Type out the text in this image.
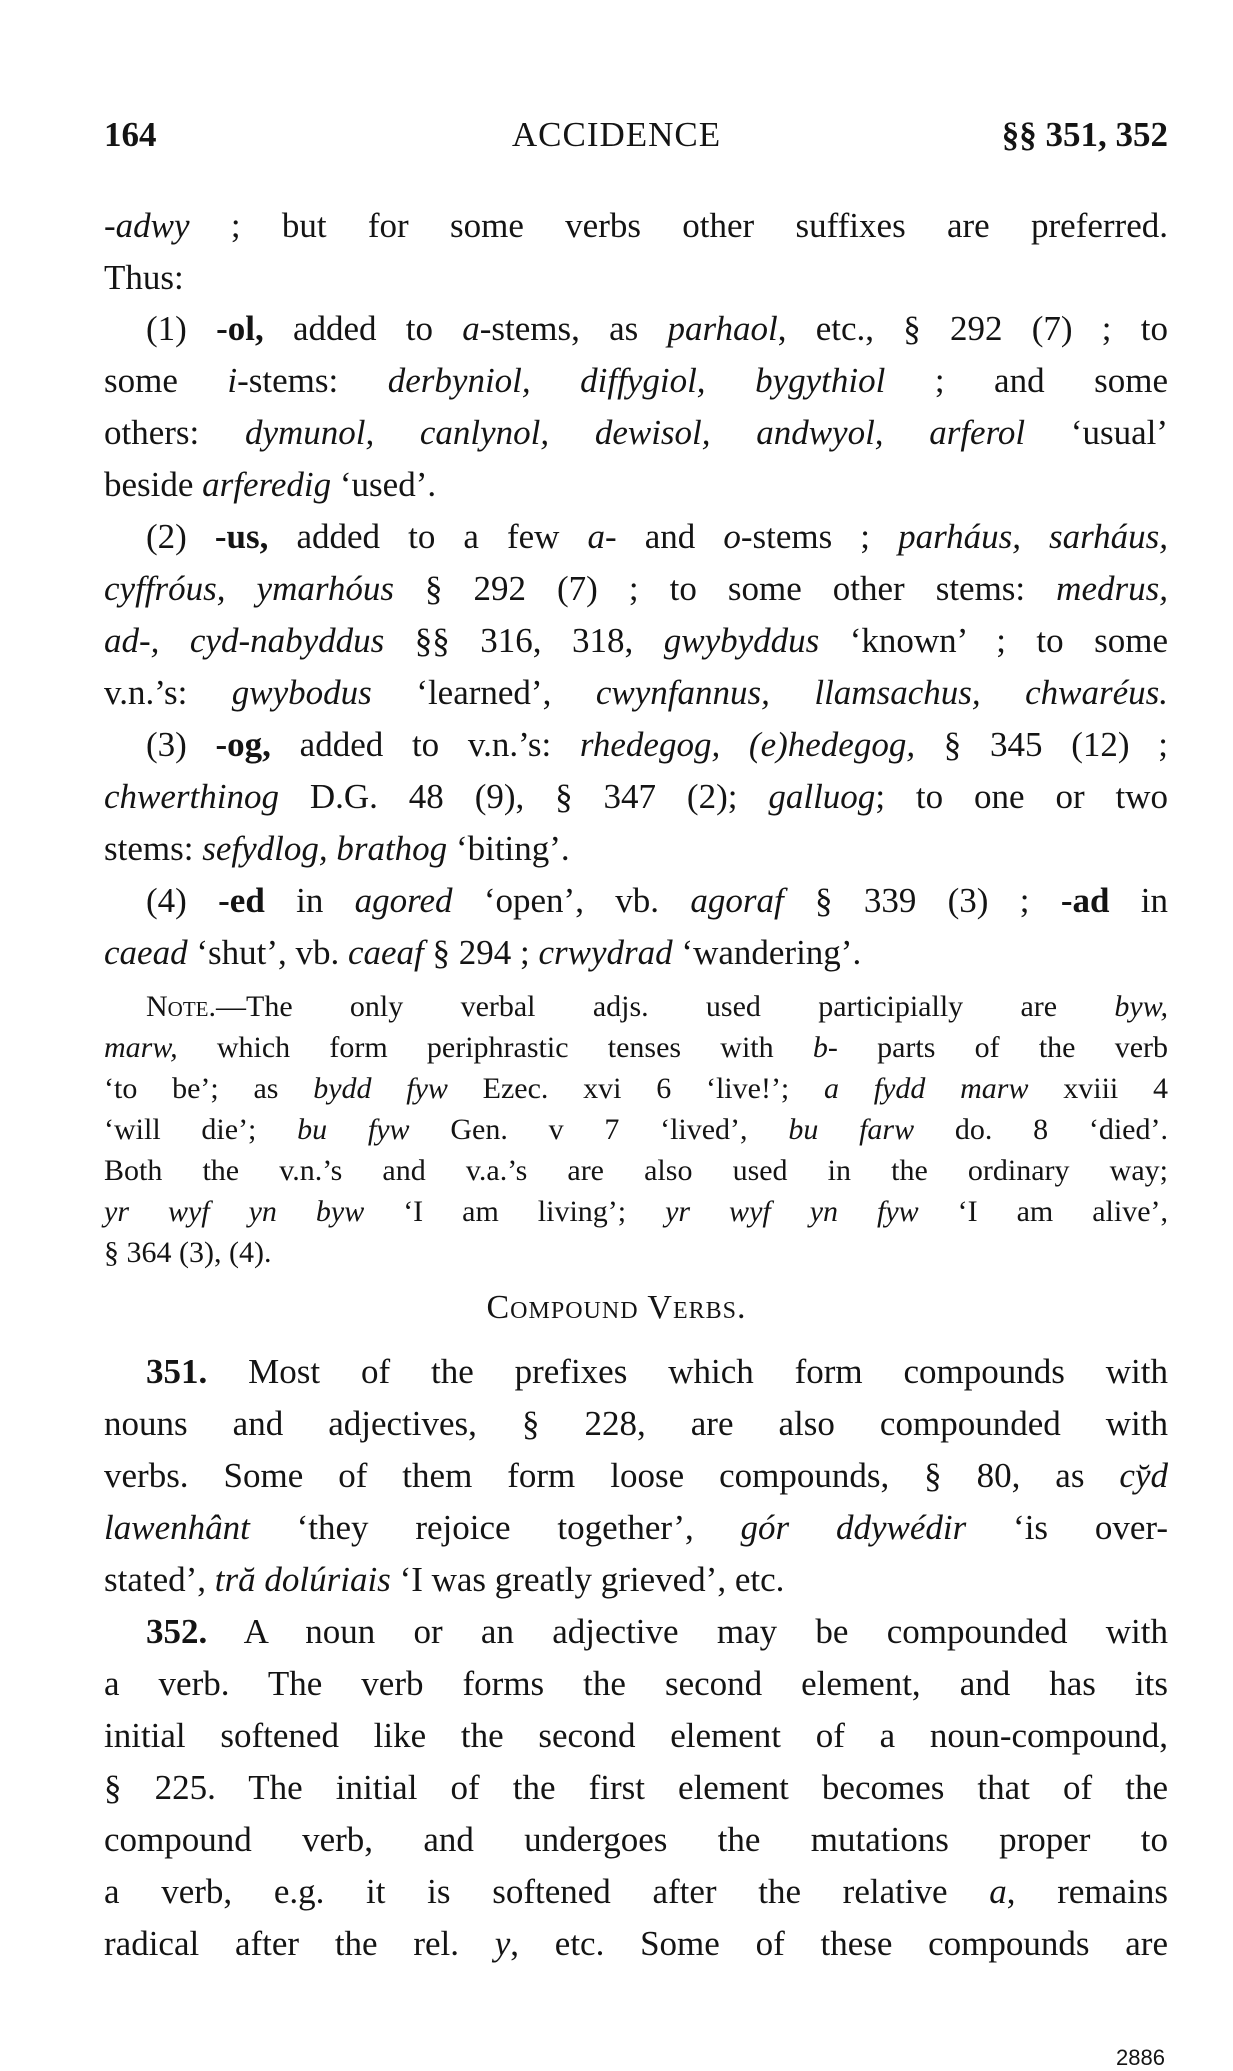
164	ACCIDENCE	§§ 351, 352
-adwy ; but for some verbs other suffixes are preferred.
Thus:
(1) -ol, added to a-stems, as parhaol, etc., § 292 (7) ; to
some i-stems: derbyniol, diffygiol, bygythiol ; and some
others: dymunol, canlynol, dewisol, andwyol, arferol ‘usual’
beside arferedig ‘used’.
(2) -us, added to a few a- and o-stems ; parháus, sarháus,
cyffróus, ymarhóus § 292 (7) ; to some other stems: medrus,
ad-, cyd-nabyddus §§ 316, 318, gwybyddus ‘known’ ; to some
v.n.’s: gwybodus ‘learned’, cwynfannus, llamsachus, chwaréus.
(3) -og, added to v.n.’s: rhedegog, (e)hedegog, § 345 (12) ;
chwerthinog D.G. 48 (9), § 347 (2); galluog; to one or two
stems: sefydlog, brathog ‘biting’.
(4) -ed in agored ‘open’, vb. agoraf § 339 (3) ; -ad in
caead ‘shut’, vb. caeaf § 294 ; crwydrad ‘wandering’.
Note.—The only verbal adjs. used participially are byw,
marw, which form periphrastic tenses with b- parts of the verb
‘to be’; as bydd fyw Ezec. xvi 6 ‘live!’; a fydd marw xviii 4
‘will die’; bu fyw Gen. v 7 ‘lived’, bu farw do. 8 ‘died’.
Both the v.n.’s and v.a.’s are also used in the ordinary way;
yr wyf yn byw ‘I am living’; yr wyf yn fyw ‘I am alive’,
§ 364 (3), (4).
Compound Verbs.
351. Most of the prefixes which form compounds with
nouns and adjectives, § 228, are also compounded with
verbs. Some of them form loose compounds, § 80, as cy̆d
lawenhânt ‘they rejoice together’, gór ddywédir ‘is over-
stated’, tră dolúriais ‘I was greatly grieved’, etc.
352. A noun or an adjective may be compounded with
a verb. The verb forms the second element, and has its
initial softened like the second element of a noun-compound,
§ 225. The initial of the first element becomes that of the
compound verb, and undergoes the mutations proper to
a verb, e.g. it is softened after the relative a, remains
radical after the rel. y, etc. Some of these compounds are
2886
